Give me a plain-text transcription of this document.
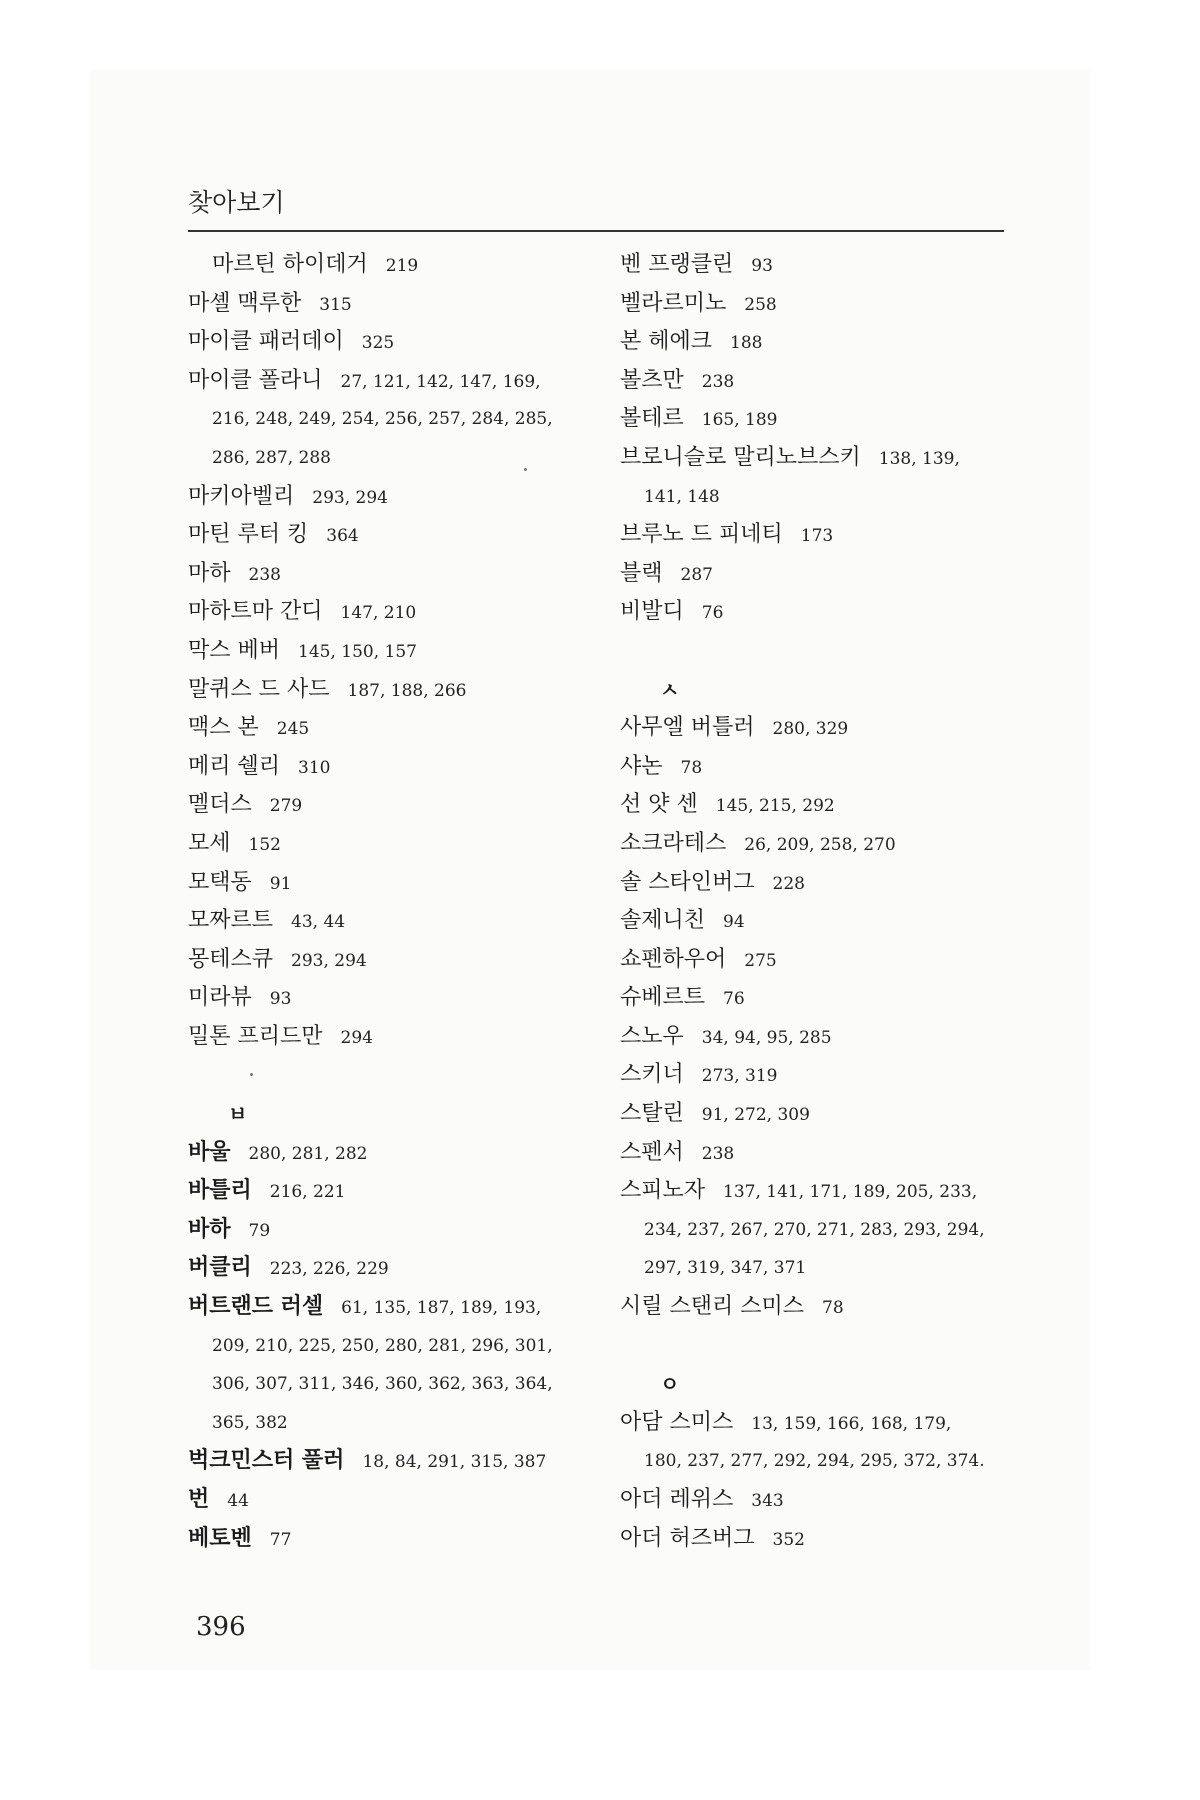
찾아보기
마르틴 하이데거 219
마셸 맥루한 315
마이클 패러데이 325
마이클 폴라니 27, 121, 142, 147, 169,
216, 248, 249, 254, 256, 257, 284, 285,
286, 287, 288
마키아벨리 293, 294
마틴 루터 킹 364
마하 238
마하트마 간디 147, 210
막스 베버 145, 150, 157
말퀴스 드 사드 187, 188, 266
맥스 본 245
메리 쉘리 310
멜더스 279
모세 152
모택동 91
모짜르트 43, 44
몽테스큐 293, 294
미라뷰 93
밀톤 프리드만 294
ㅂ
바울 280, 281, 282
바틀리 216, 221
바하 79
버클리 223, 226, 229
버트랜드 러셀 61, 135, 187, 189, 193,
209, 210, 225, 250, 280, 281, 296, 301,
306, 307, 311, 346, 360, 362, 363, 364,
365, 382
벅크민스터 풀러 18, 84, 291, 315, 387
번 44
베토벤 77
벤 프랭클린 93
벨라르미노 258
본 헤에크 188
볼츠만 238
볼테르 165, 189
브로니슬로 말리노브스키 138, 139,
141, 148
브루노 드 피네티 173
블랙 287
비발디 76
ㅅ
사무엘 버틀러 280, 329
샤논 78
선 얏 센 145, 215, 292
소크라테스 26, 209, 258, 270
솔 스타인버그 228
솔제니친 94
쇼펜하우어 275
슈베르트 76
스노우 34, 94, 95, 285
스키너 273, 319
스탈린 91, 272, 309
스펜서 238
스피노자 137, 141, 171, 189, 205, 233,
234, 237, 267, 270, 271, 283, 293, 294,
297, 319, 347, 371
시릴 스탠리 스미스 78
ㅇ
아담 스미스 13, 159, 166, 168, 179,
180, 237, 277, 292, 294, 295, 372, 374.
아더 레위스 343
아더 허즈버그 352
396
